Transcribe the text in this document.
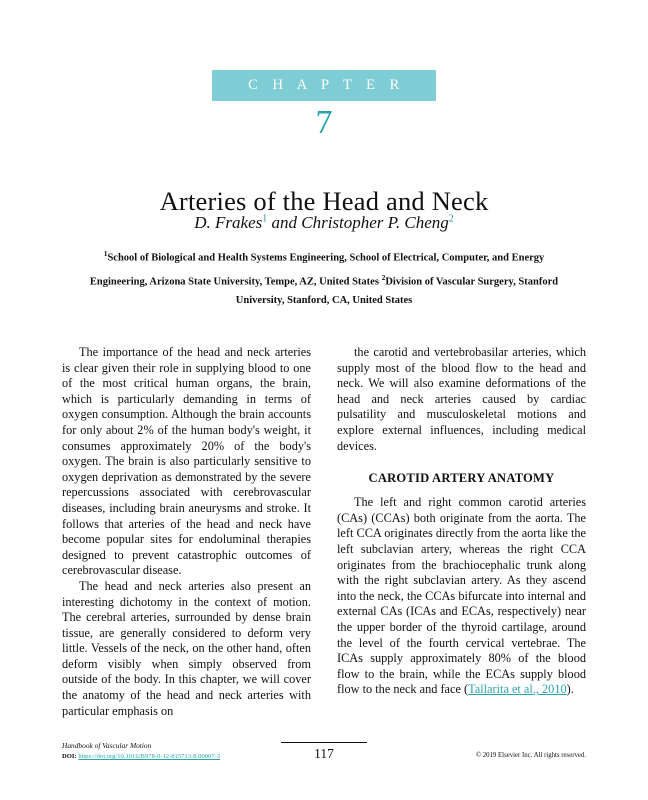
C H A P T E R
7
Arteries of the Head and Neck
D. Frakes$^1$ and Christopher P. Cheng$^2$
$^1$School of Biological and Health Systems Engineering, School of Electrical, Computer, and Energy Engineering, Arizona State University, Tempe, AZ, United States $^2$Division of Vascular Surgery, Stanford University, Stanford, CA, United States

The importance of the head and neck arteries is clear given their role in supplying blood to one of the most critical human organs, the brain, which is particularly demanding in terms of oxygen consumption. Although the brain accounts for only about 2% of the human body's weight, it consumes approximately 20% of the body's oxygen. The brain is also particularly sensitive to oxygen deprivation as demonstrated by the severe repercussions associated with cerebrovascular diseases, including brain aneurysms and stroke. It follows that arteries of the head and neck have become popular sites for endoluminal therapies designed to prevent catastrophic outcomes of cerebrovascular disease.

The head and neck arteries also present an interesting dichotomy in the context of motion. The cerebral arteries, surrounded by dense brain tissue, are generally considered to deform very little. Vessels of the neck, on the other hand, often deform visibly when simply observed from outside of the body. In this chapter, we will cover the anatomy of the head and neck arteries with particular emphasis on

the carotid and vertebrobasilar arteries, which supply most of the blood flow to the head and neck. We will also examine deformations of the head and neck arteries caused by cardiac pulsatility and musculoskeletal motions and explore external influences, including medical devices.

CAROTID ARTERY ANATOMY

The left and right common carotid arteries (CAs) (CCAs) both originate from the aorta. The left CCA originates directly from the aorta like the left subclavian artery, whereas the right CCA originates from the brachiocephalic trunk along with the right subclavian artery. As they ascend into the neck, the CCAs bifurcate into internal and external CAs (ICAs and ECAs, respectively) near the upper border of the thyroid cartilage, around the level of the fourth cervical vertebrae. The ICAs supply approximately 80% of the blood flow to the brain, while the ECAs supply blood flow to the neck and face (Tallarita et al., 2010).

Handbook of Vascular Motion
DOI: https://doi.org/10.1016/B978-0-12-815713-8.00007-3	117	© 2019 Elsevier Inc. All rights reserved.
